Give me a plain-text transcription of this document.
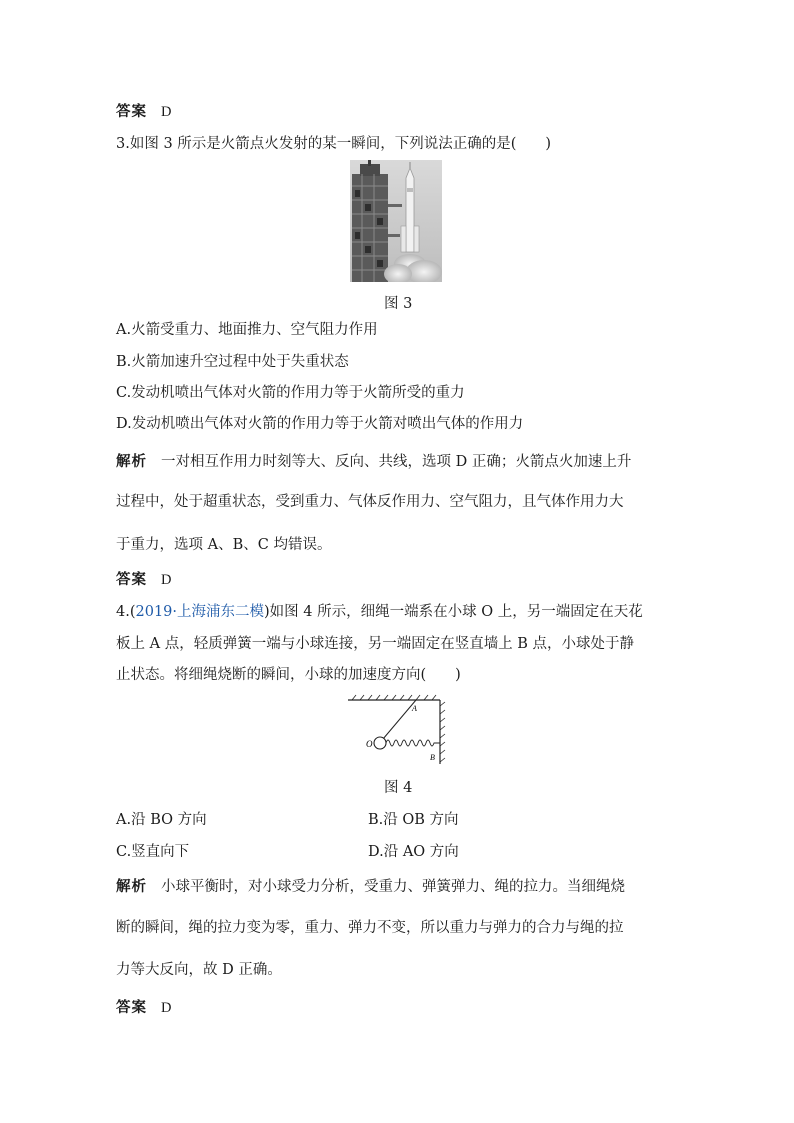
答案 D
3.如图 3 所示是火箭点火发射的某一瞬间，下列说法正确的是(　　)
图 3
A.火箭受重力、地面推力、空气阻力作用
B.火箭加速升空过程中处于失重状态
C.发动机喷出气体对火箭的作用力等于火箭所受的重力
D.发动机喷出气体对火箭的作用力等于火箭对喷出气体的作用力
解析 一对相互作用力时刻等大、反向、共线，选项 D 正确；火箭点火加速上升
过程中，处于超重状态，受到重力、气体反作用力、空气阻力，且气体作用力大
于重力，选项 A、B、C 均错误。
答案 D
4.(2019·上海浦东二模)如图 4 所示，细绳一端系在小球 O 上，另一端固定在天花
板上 A 点，轻质弹簧一端与小球连接，另一端固定在竖直墙上 B 点，小球处于静
止状态。将细绳烧断的瞬间，小球的加速度方向(　　)
A
O
B
图 4
A.沿 BO 方向	B.沿 OB 方向
C.竖直向下	D.沿 AO 方向
解析 小球平衡时，对小球受力分析，受重力、弹簧弹力、绳的拉力。当细绳烧
断的瞬间，绳的拉力变为零，重力、弹力不变，所以重力与弹力的合力与绳的拉
力等大反向，故 D 正确。
答案 D
